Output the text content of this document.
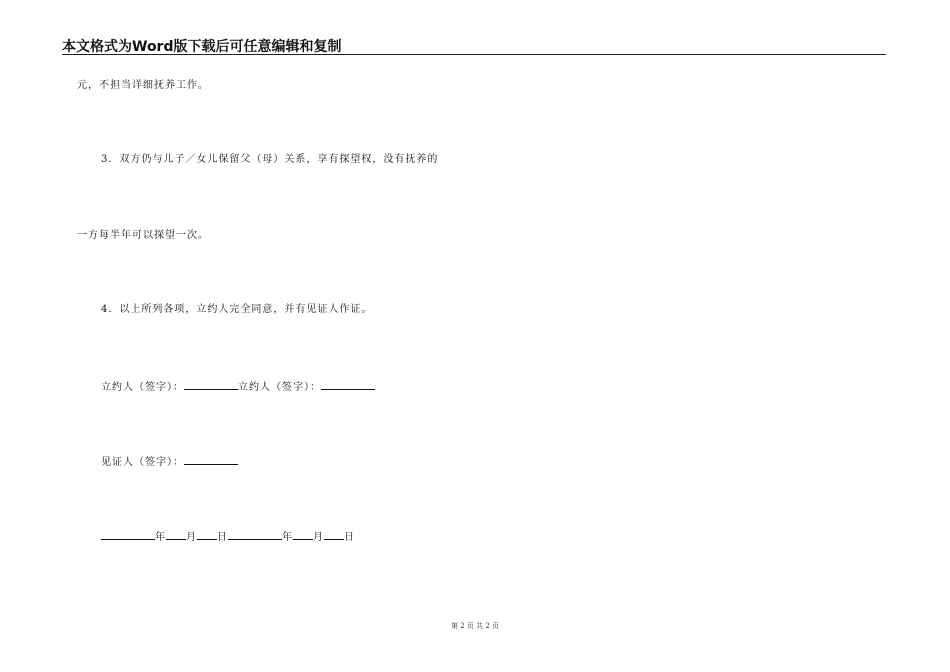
本文格式为Word版下载后可任意编辑和复制
元，不担当详细抚养工作。
3．双方仍与儿子／女儿保留父（母）关系，享有探望权，没有抚养的
一方每半年可以探望一次。
4．以上所列各项，立约人完全同意，并有见证人作证。
立约人（签字）：	立约人（签字）：
见证人（签字）：
年 月 日	年 月 日
第 2 页 共 2 页
